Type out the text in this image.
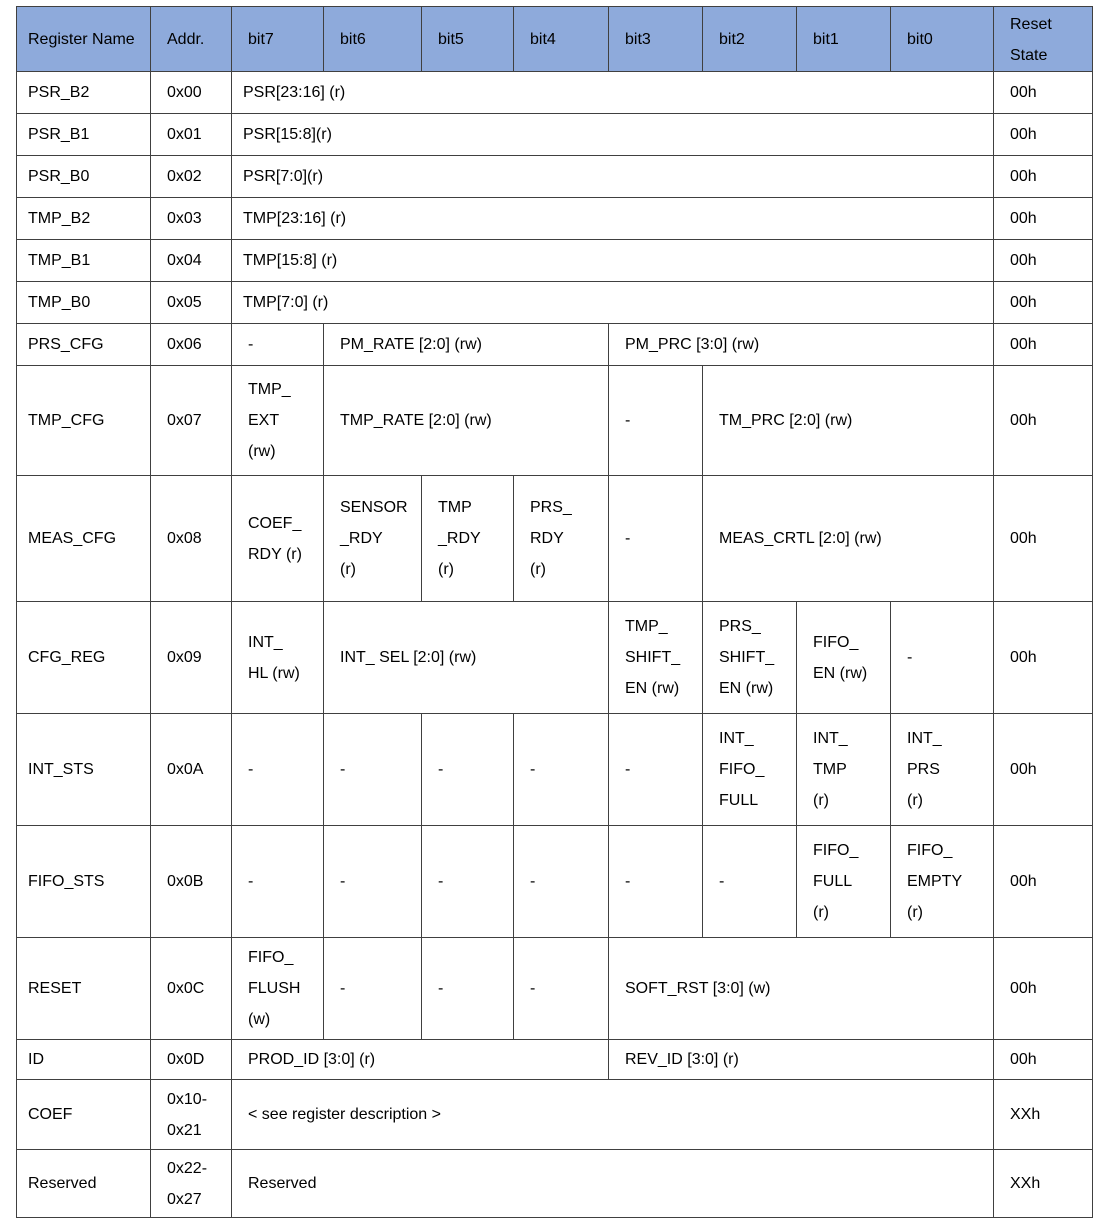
Register Name	Addr.	bit7	bit6	bit5	bit4	bit3	bit2	bit1	bit0	Reset
State
PSR_B2	0x00	PSR[23:16] (r)								00h
PSR_B1	0x01	PSR[15:8](r)								00h
PSR_B0	0x02	PSR[7:0](r)								00h
TMP_B2	0x03	TMP[23:16] (r)								00h
TMP_B1	0x04	TMP[15:8] (r)								00h
TMP_B0	0x05	TMP[7:0] (r)								00h
PRS_CFG	0x06	-	PM_RATE [2:0] (rw)			PM_PRC [3:0] (rw)				00h
TMP_CFG	0x07	TMP_
EXT
(rw)	TMP_RATE [2:0] (rw)			-	TM_PRC [2:0] (rw)			00h
MEAS_CFG	0x08	COEF_
RDY (r)	SENSOR
_RDY
(r)	TMP
_RDY
(r)	PRS_
RDY
(r)	-	MEAS_CRTL [2:0] (rw)			00h
CFG_REG	0x09	INT_
HL (rw)	INT_ SEL [2:0] (rw)			TMP_
SHIFT_
EN (rw)	PRS_
SHIFT_
EN (rw)	FIFO_
EN (rw)	-	00h
INT_STS	0x0A	-	-	-	-	-	INT_
FIFO_
FULL	INT_
TMP
(r)	INT_
PRS
(r)	00h
FIFO_STS	0x0B	-	-	-	-	-	-	FIFO_
FULL
(r)	FIFO_
EMPTY
(r)	00h
RESET	0x0C	FIFO_
FLUSH
(w)	-	-	-	SOFT_RST [3:0] (w)				00h
ID	0x0D	PROD_ID [3:0] (r)				REV_ID [3:0] (r)				00h
COEF	0x10-
0x21	< see register description >								XXh
Reserved	0x22-
0x27	Reserved								XXh
